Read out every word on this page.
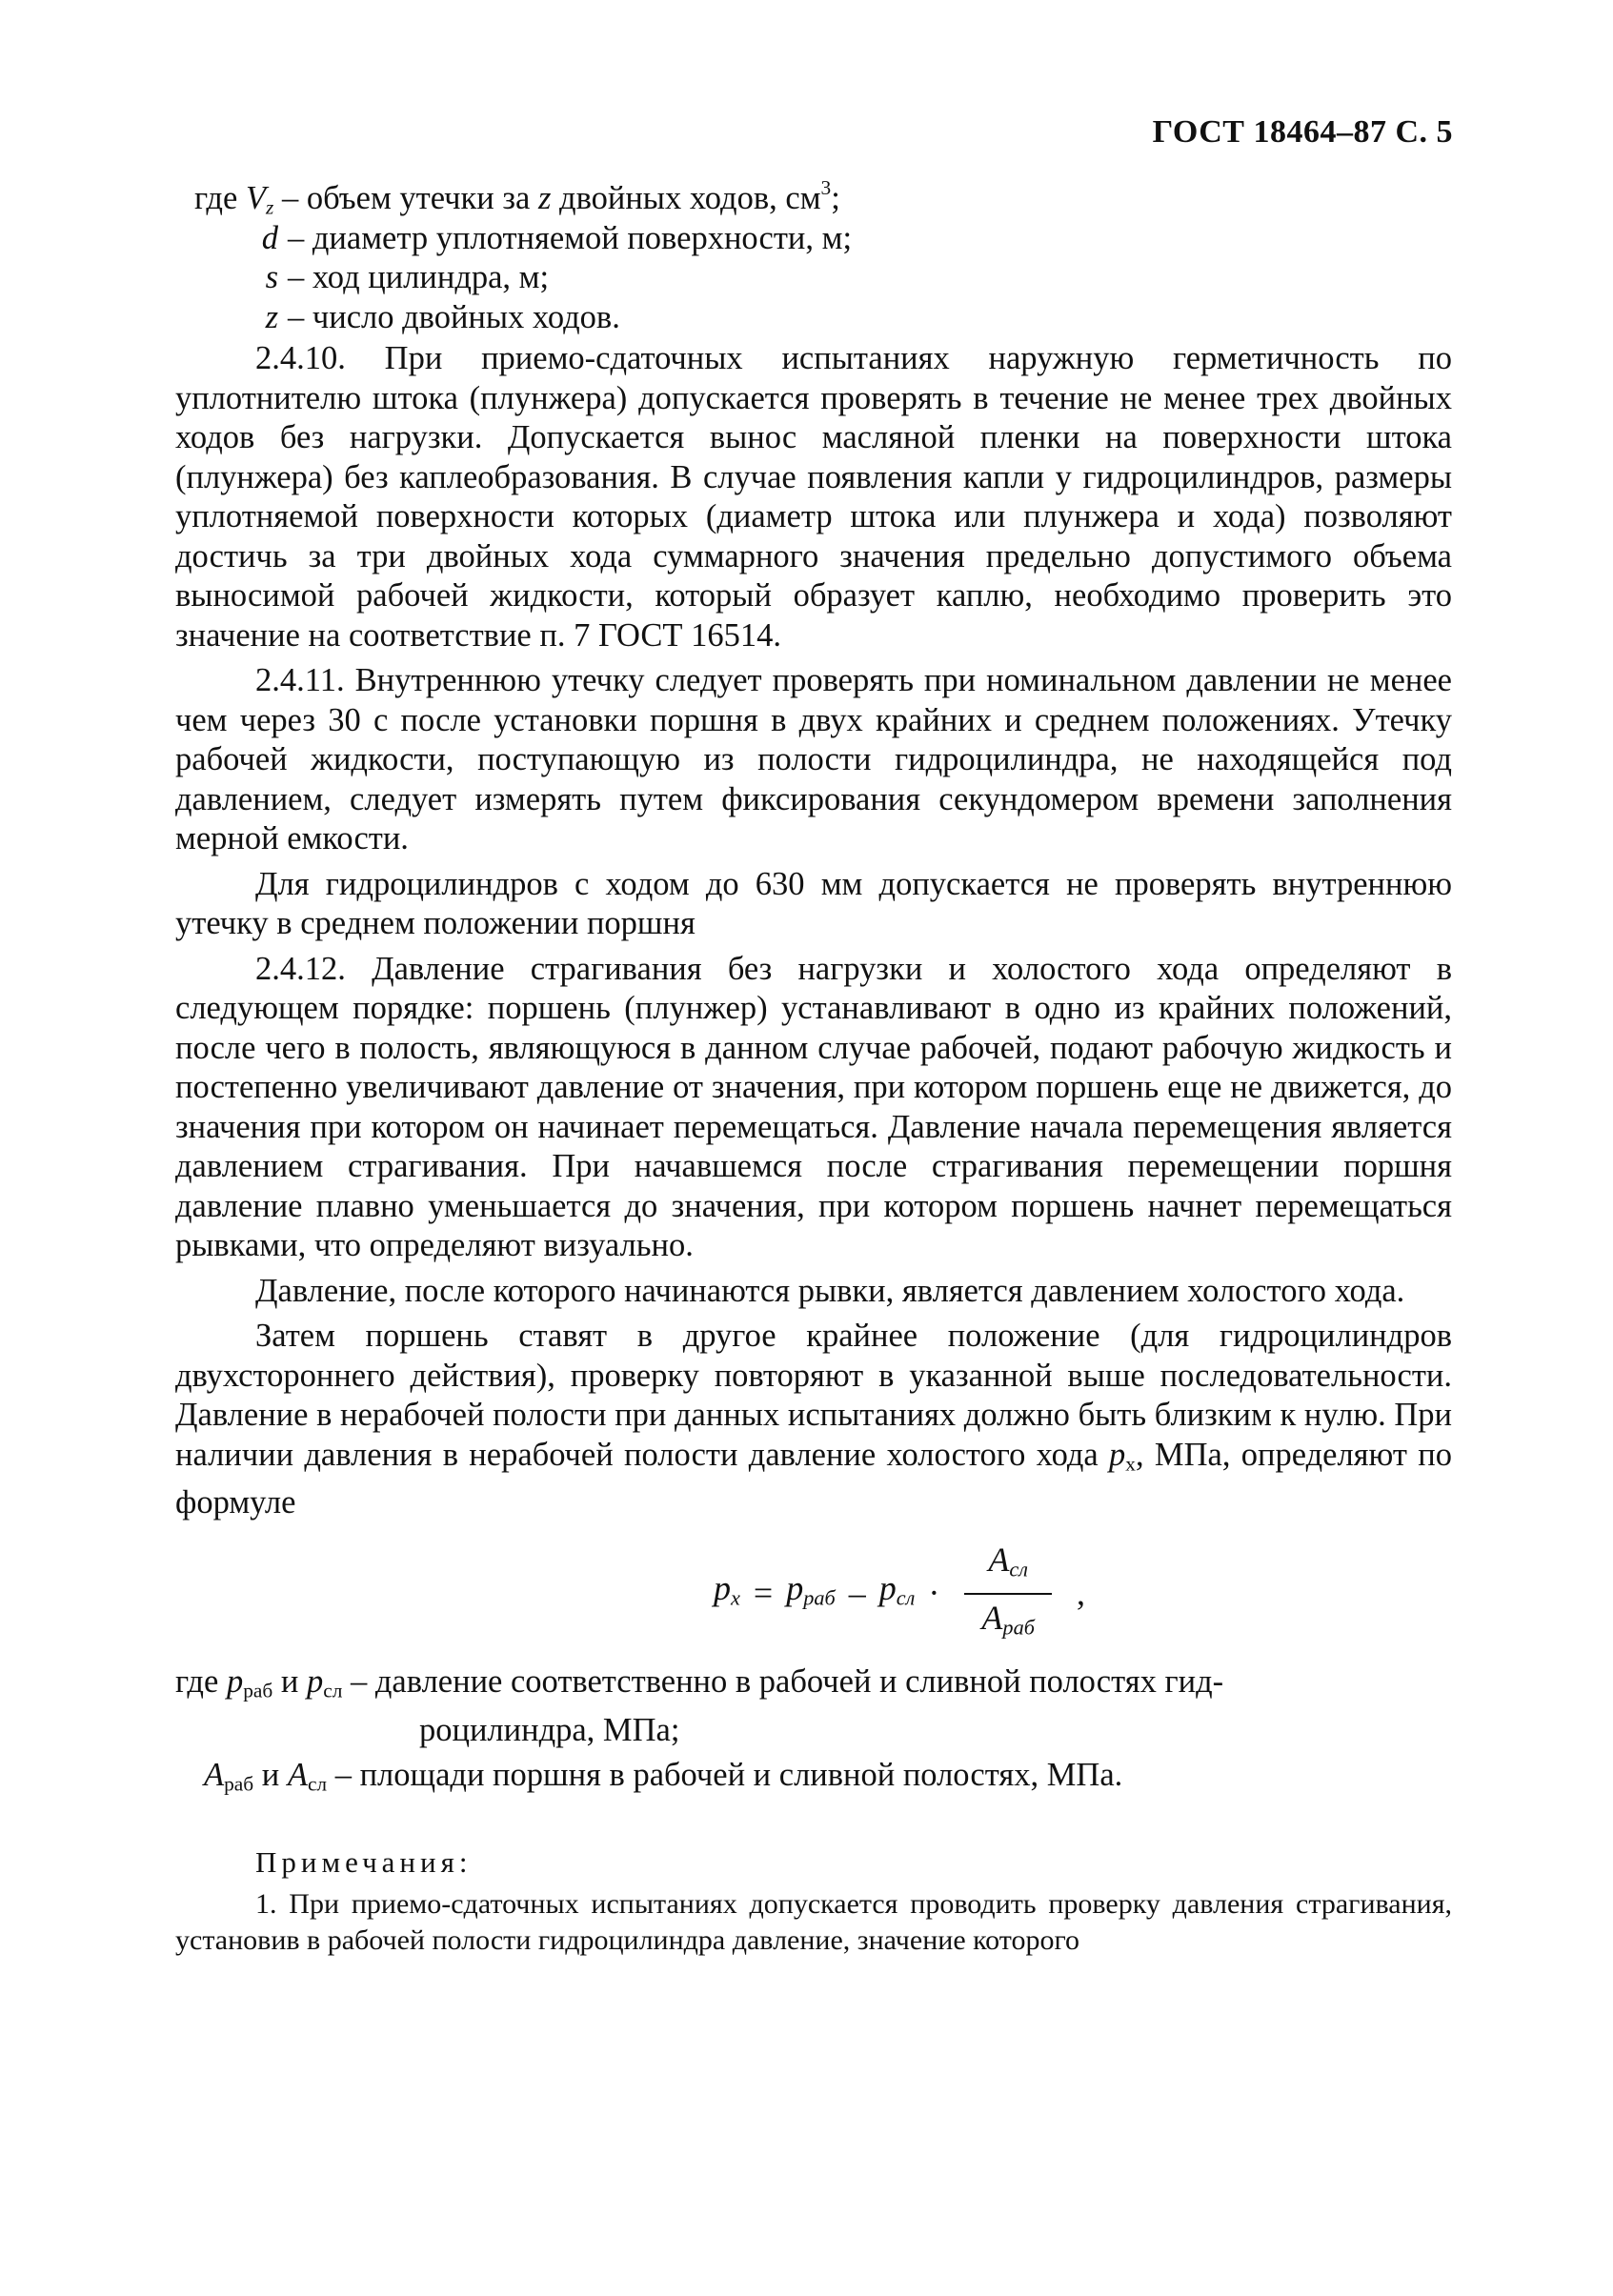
ГОСТ 18464–87 С. 5
где $V_z$ – объем утечки за z двойных ходов, $см^3$;
d – диаметр уплотняемой поверхности, м;
s – ход цилиндра, м;
z – число двойных ходов.

2.4.10. При приемо-сдаточных испытаниях наружную герметичность по уплотнителю штока (плунжера) допускается проверять в течение не менее трех двойных ходов без нагрузки. Допускается вынос масляной пленки на поверхности штока (плунжера) без каплеобразования. В случае появления капли у гидроцилиндров, размеры уплотняемой поверхности которых (диаметр штока или плунжера и хода) позволяют достичь за три двойных хода суммарного значения предельно допустимого объема выносимой рабочей жидкости, который образует каплю, необходимо проверить это значение на соответствие п. 7 ГОСТ 16514.

2.4.11. Внутреннюю утечку следует проверять при номинальном давлении не менее чем через 30 с после установки поршня в двух крайних и среднем положениях. Утечку рабочей жидкости, поступающую из полости гидроцилиндра, не находящейся под давлением, следует измерять путем фиксирования секундомером времени заполнения мерной емкости.

Для гидроцилиндров с ходом до 630 мм допускается не проверять внутреннюю утечку в среднем положении поршня

2.4.12. Давление страгивания без нагрузки и холостого хода определяют в следующем порядке: поршень (плунжер) устанавливают в одно из крайних положений, после чего в полость, являющуюся в данном случае рабочей, подают рабочую жидкость и постепенно увеличивают давление от значения, при котором поршень еще не движется, до значения при котором он начинает перемещаться. Давление начала перемещения является давлением страгивания. При начавшемся после страгивания перемещении поршня давление плавно уменьшается до значения, при котором поршень начнет перемещаться рывками, что определяют визуально.

Давление, после которого начинаются рывки, является давлением холостого хода.

Затем поршень ставят в другое крайнее положение (для гидроцилиндров двухстороннего действия), проверку повторяют в указанной выше последовательности. Давление в нерабочей полости при данных испытаниях должно быть близким к нулю. При наличии давления в нерабочей полости давление холостого хода $p_х$, МПа, определяют по формуле

$p_х = p_{раб} - p_{сл} \cdot \frac{A_{сл}}{A_{раб}}$ ,
где $p_{раб}$ и $p_{сл}$ – давление соответственно в рабочей и сливной полостях гид-
роцилиндра, МПа;
$A_{раб}$ и $A_{сл}$ – площади поршня в рабочей и сливной полостях, МПа.
Примечания:

1. При приемо-сдаточных испытаниях допускается проводить проверку давления страгивания, установив в рабочей полости гидроцилиндра давление, значение которого
